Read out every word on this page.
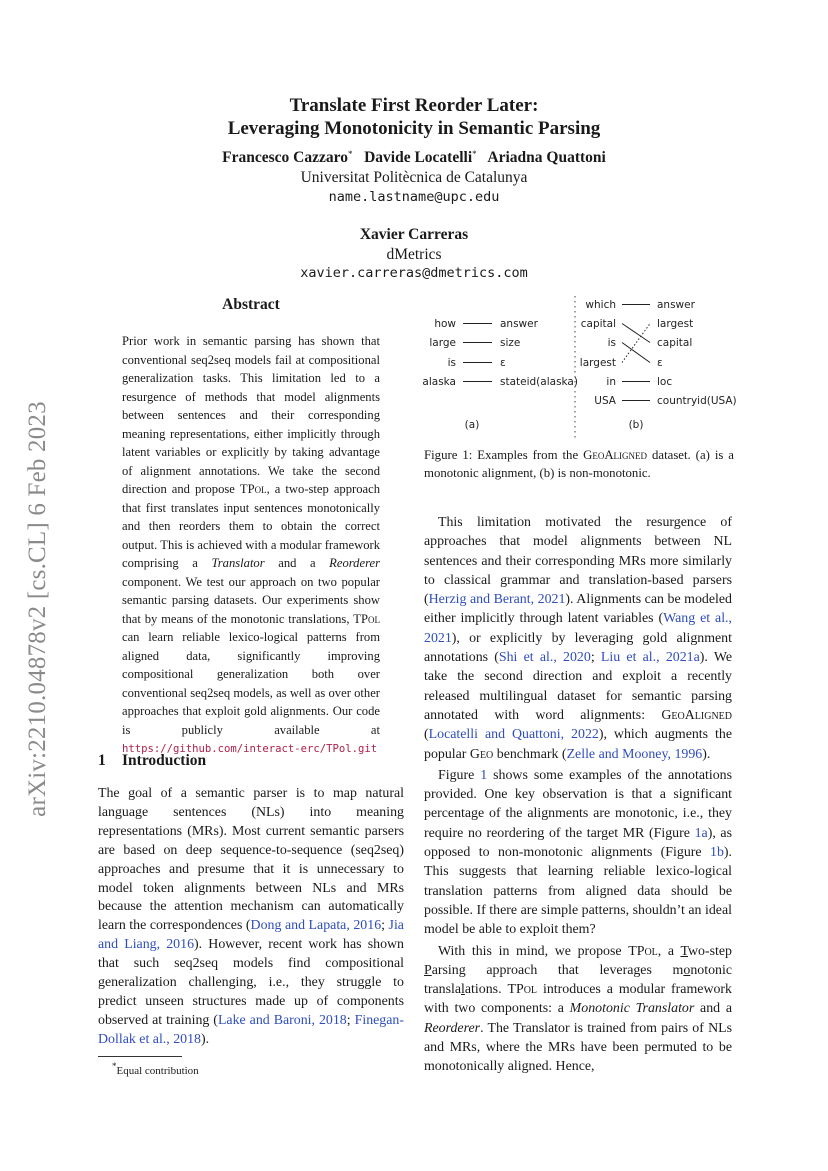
arXiv:2210.04878v2 [cs.CL] 6 Feb 2023
Translate First Reorder Later:
Leveraging Monotonicity in Semantic Parsing
Francesco Cazzaro* Davide Locatelli* Ariadna Quattoni
Universitat Politècnica de Catalunya
name.lastname@upc.edu
Xavier Carreras
dMetrics
xavier.carreras@dmetrics.com
Abstract
Prior work in semantic parsing has shown that conventional seq2seq models fail at compositional generalization tasks. This limitation led to a resurgence of methods that model alignments between sentences and their corresponding meaning representations, either implicitly through latent variables or explicitly by taking advantage of alignment annotations. We take the second direction and propose TPol, a two-step approach that first translates input sentences monotonically and then reorders them to obtain the correct output. This is achieved with a modular framework comprising a Translator and a Reorderer component. We test our approach on two popular semantic parsing datasets. Our experiments show that by means of the monotonic translations, TPol can learn reliable lexico-logical patterns from aligned data, significantly improving compositional generalization both over conventional seq2seq models, as well as over other approaches that exploit gold alignments. Our code is publicly available at https://github.com/interact-erc/TPol.git
1 Introduction

The goal of a semantic parser is to map natural language sentences (NLs) into meaning representations (MRs). Most current semantic parsers are based on deep sequence-to-sequence (seq2seq) approaches and presume that it is unnecessary to model token alignments between NLs and MRs because the attention mechanism can automatically learn the correspondences (Dong and Lapata, 2016; Jia and Liang, 2016). However, recent work has shown that such seq2seq models find compositional generalization challenging, i.e., they struggle to predict unseen structures made up of components observed at training (Lake and Baroni, 2018; Finegan-Dollak et al., 2018).

*Equal contribution
how	answer
large	size
is	ε
alaska	stateid(alaska)
which	answer
capital	largest
is	capital
largest	ε
in	loc
USA	countryid(USA)
(a)	(b)
Figure 1: Examples from the GeoAligned dataset. (a) is a monotonic alignment, (b) is non-monotonic.

This limitation motivated the resurgence of approaches that model alignments between NL sentences and their corresponding MRs more similarly to classical grammar and translation-based parsers (Herzig and Berant, 2021). Alignments can be modeled either implicitly through latent variables (Wang et al., 2021), or explicitly by leveraging gold alignment annotations (Shi et al., 2020; Liu et al., 2021a). We take the second direction and exploit a recently released multilingual dataset for semantic parsing annotated with word alignments: GeoAligned (Locatelli and Quattoni, 2022), which augments the popular Geo benchmark (Zelle and Mooney, 1996).

Figure 1 shows some examples of the annotations provided. One key observation is that a significant percentage of the alignments are monotonic, i.e., they require no reordering of the target MR (Figure 1a), as opposed to non-monotonic alignments (Figure 1b). This suggests that learning reliable lexico-logical translation patterns from aligned data should be possible. If there are simple patterns, shouldn’t an ideal model be able to exploit them?

With this in mind, we propose TPol, a Two-step Parsing approach that leverages monotonic translalations. TPol introduces a modular framework with two components: a Monotonic Translator and a Reorderer. The Translator is trained from pairs of NLs and MRs, where the MRs have been permuted to be monotonically aligned. Hence,
